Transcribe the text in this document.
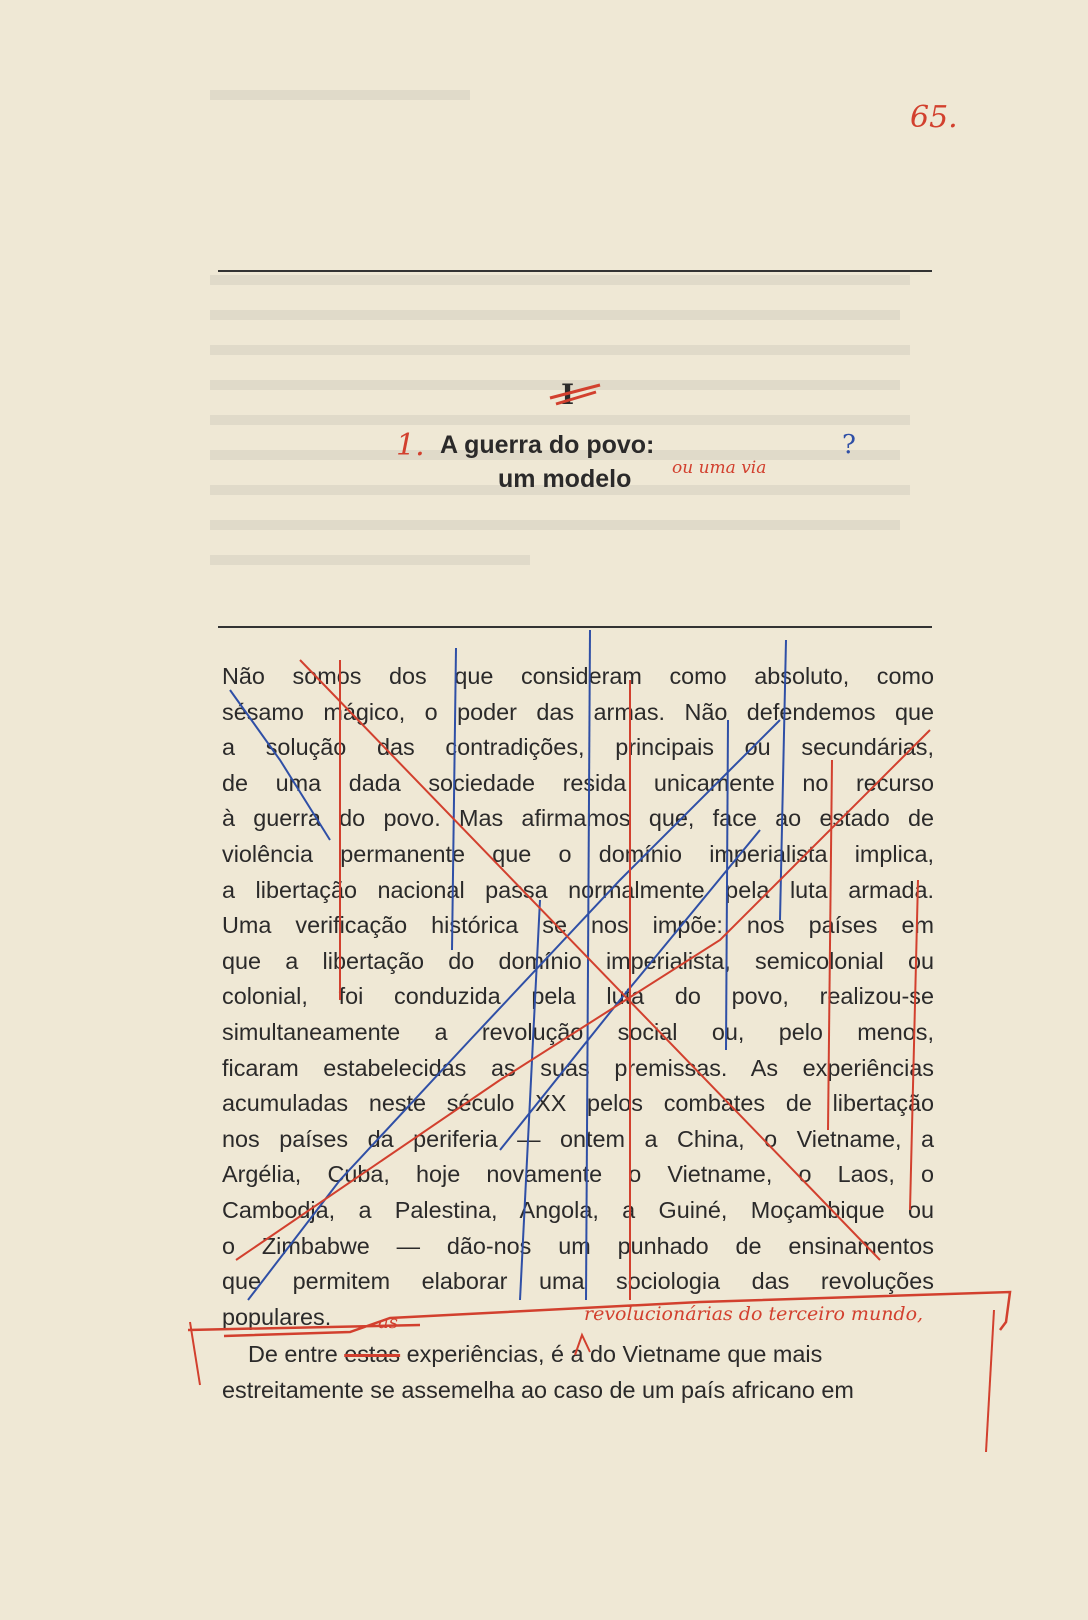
65.
I
1. A guerra do povo:
um modelo	ou uma via
?

Não somos dos que consideram como absoluto, como

sésamo mágico, o poder das armas. Não defendemos que

a solução das contradições, principais ou secundárias,

de uma dada sociedade resida unicamente no recurso

à guerra do povo. Mas afirmamos que, face ao estado de

violência permanente que o domínio imperialista implica,

a libertação nacional passa normalmente pela luta armada.

Uma verificação histórica se nos impõe: nos países em

que a libertação do domínio imperialista, semicolonial ou

colonial, foi conduzida pela luta do povo, realizou-se

simultaneamente a revolução social ou, pelo menos,

ficaram estabelecidas as suas premissas. As experiências

acumuladas neste século XX pelos combates de libertação

nos países da periferia — ontem a China, o Vietname, a

Argélia, Cuba, hoje novamente o Vietname, o Laos, o

Cambodja, a Palestina, Angola, a Guiné, Moçambique ou

o Zimbabwe — dão-nos um punhado de ensinamentos

que permitem elaborar uma sociologia das revoluções

populares.	as	revolucionárias do terceiro mundo,
De entre estas experiências, é a do Vietname que mais
estreitamente se assemelha ao caso de um país africano em
